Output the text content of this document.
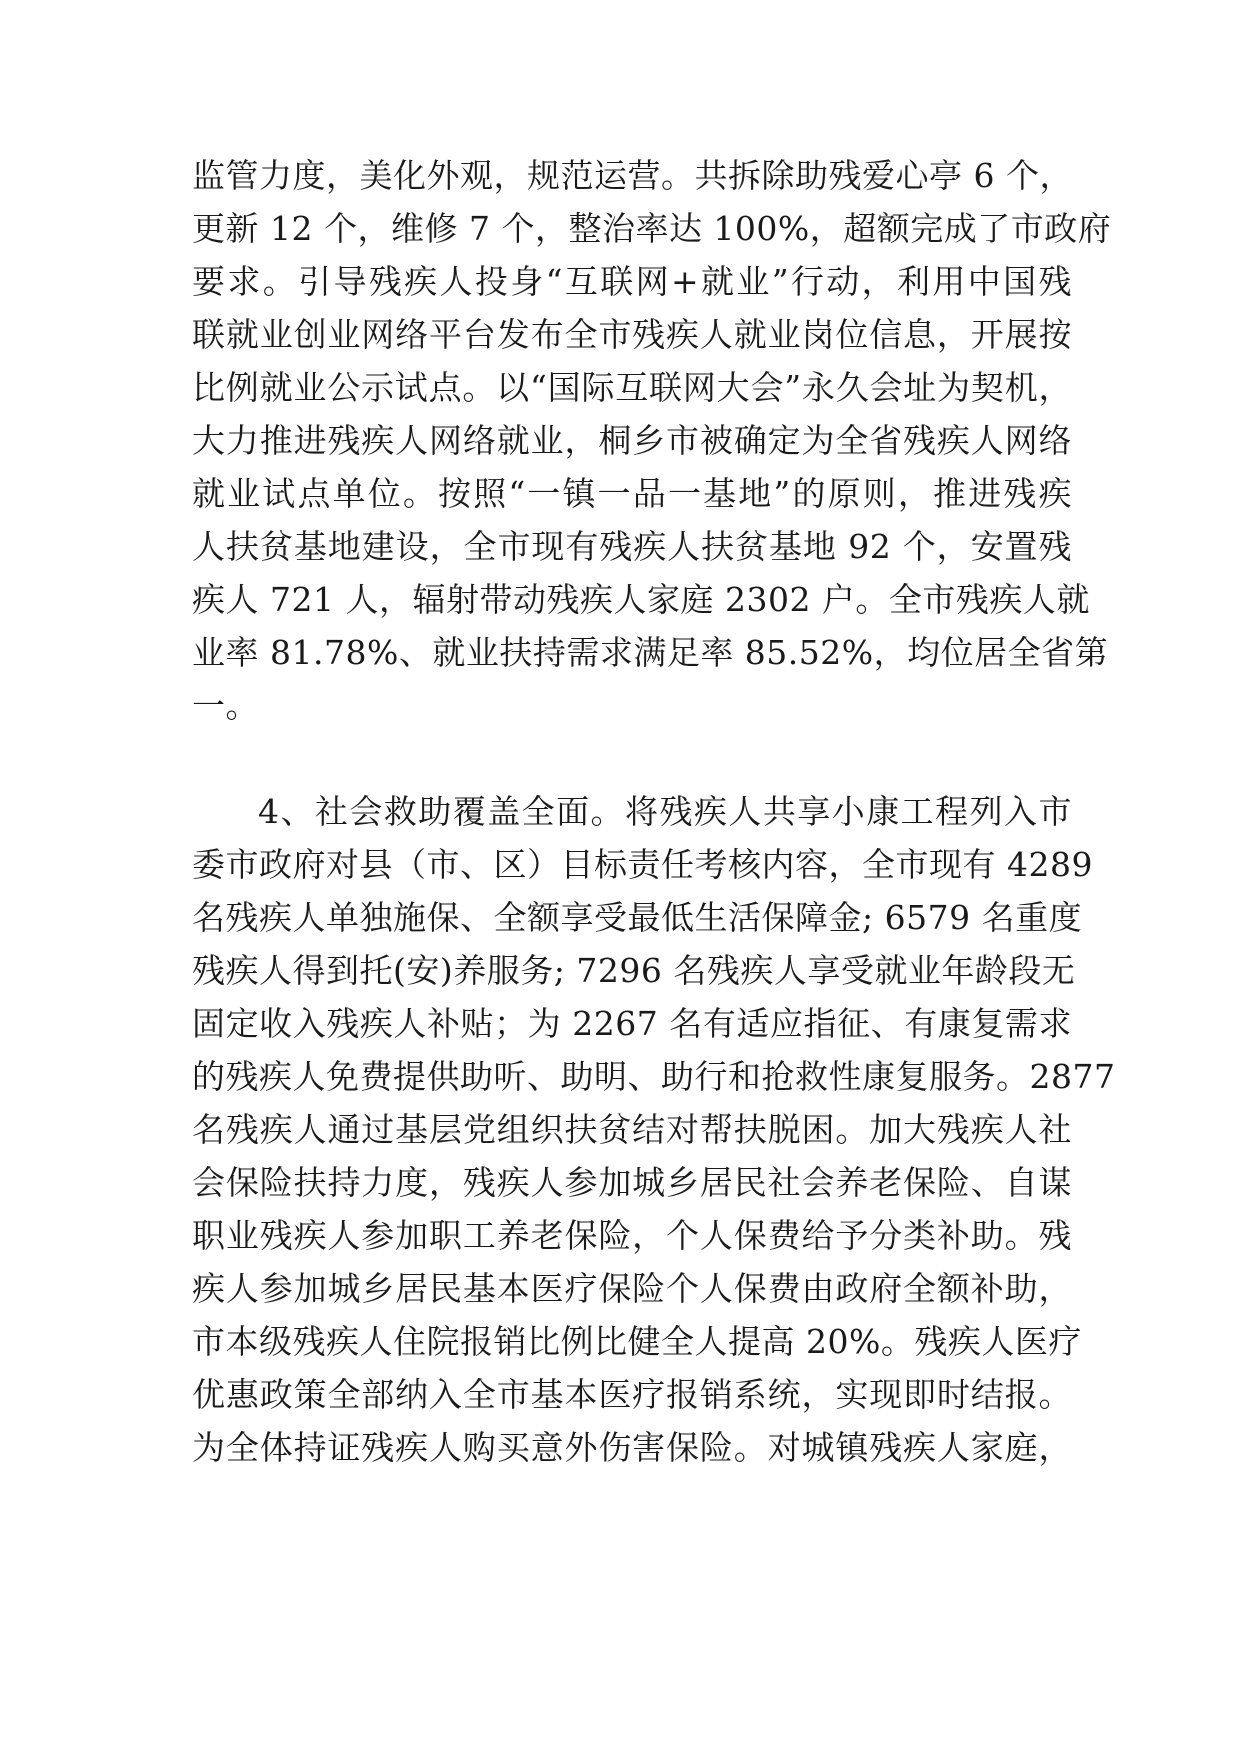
监管力度，美化外观，规范运营。共拆除助残爱心亭 6 个，
更新 12 个，维修 7 个，整治率达 100%，超额完成了市政府
要求。引导残疾人投身“互联网+就业”行动，利用中国残
联就业创业网络平台发布全市残疾人就业岗位信息，开展按
比例就业公示试点。以“国际互联网大会”永久会址为契机，
大力推进残疾人网络就业，桐乡市被确定为全省残疾人网络
就业试点单位。按照“一镇一品一基地”的原则，推进残疾
人扶贫基地建设，全市现有残疾人扶贫基地 92 个，安置残
疾人 721 人，辐射带动残疾人家庭 2302 户。全市残疾人就
业率 81.78%、就业扶持需求满足率 85.52%，均位居全省第
一。
4、社会救助覆盖全面。将残疾人共享小康工程列入市
委市政府对县（市、区）目标责任考核内容，全市现有 4289
名残疾人单独施保、全额享受最低生活保障金; 6579 名重度
残疾人得到托(安)养服务; 7296 名残疾人享受就业年龄段无
固定收入残疾人补贴；为 2267 名有适应指征、有康复需求
的残疾人免费提供助听、助明、助行和抢救性康复服务。2877
名残疾人通过基层党组织扶贫结对帮扶脱困。加大残疾人社
会保险扶持力度，残疾人参加城乡居民社会养老保险、自谋
职业残疾人参加职工养老保险，个人保费给予分类补助。残
疾人参加城乡居民基本医疗保险个人保费由政府全额补助，
市本级残疾人住院报销比例比健全人提高 20%。残疾人医疗
优惠政策全部纳入全市基本医疗报销系统，实现即时结报。
为全体持证残疾人购买意外伤害保险。对城镇残疾人家庭，
